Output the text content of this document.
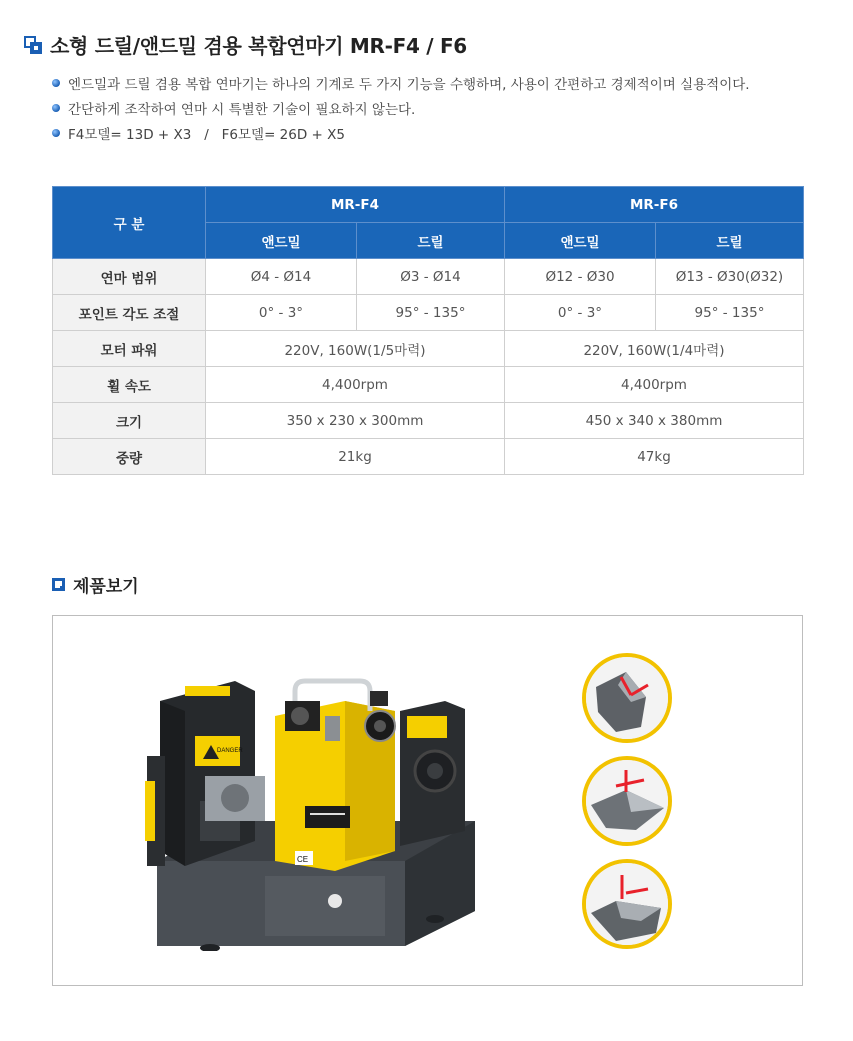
소형 드릴/앤드밀 겸용 복합연마기 MR-F4 / F6
엔드밀과 드릴 겸용 복합 연마기는 하나의 기계로 두 가지 기능을 수행하며, 사용이 간편하고 경제적이며 실용적이다.
간단하게 조작하여 연마 시 특별한 기술이 필요하지 않는다.
F4모델= 13D + X3   /   F6모델= 26D + X5
구 분	MR-F4		MR-F6	
	앤드밀	드릴	앤드밀	드릴
연마 범위	Ø4 - Ø14	Ø3 - Ø14	Ø12 - Ø30	Ø13 - Ø30(Ø32)
포인트 각도 조절	0° - 3°	95° - 135°	0° - 3°	95° - 135°
모터 파워	220V, 160W(1/5마력)		220V, 160W(1/4마력)	
휠 속도	4,400rpm		4,400rpm	
크기	350 x 230 x 300mm		450 x 340 x 380mm	
중량	21kg		47kg	
제품보기
DANGER
CE
